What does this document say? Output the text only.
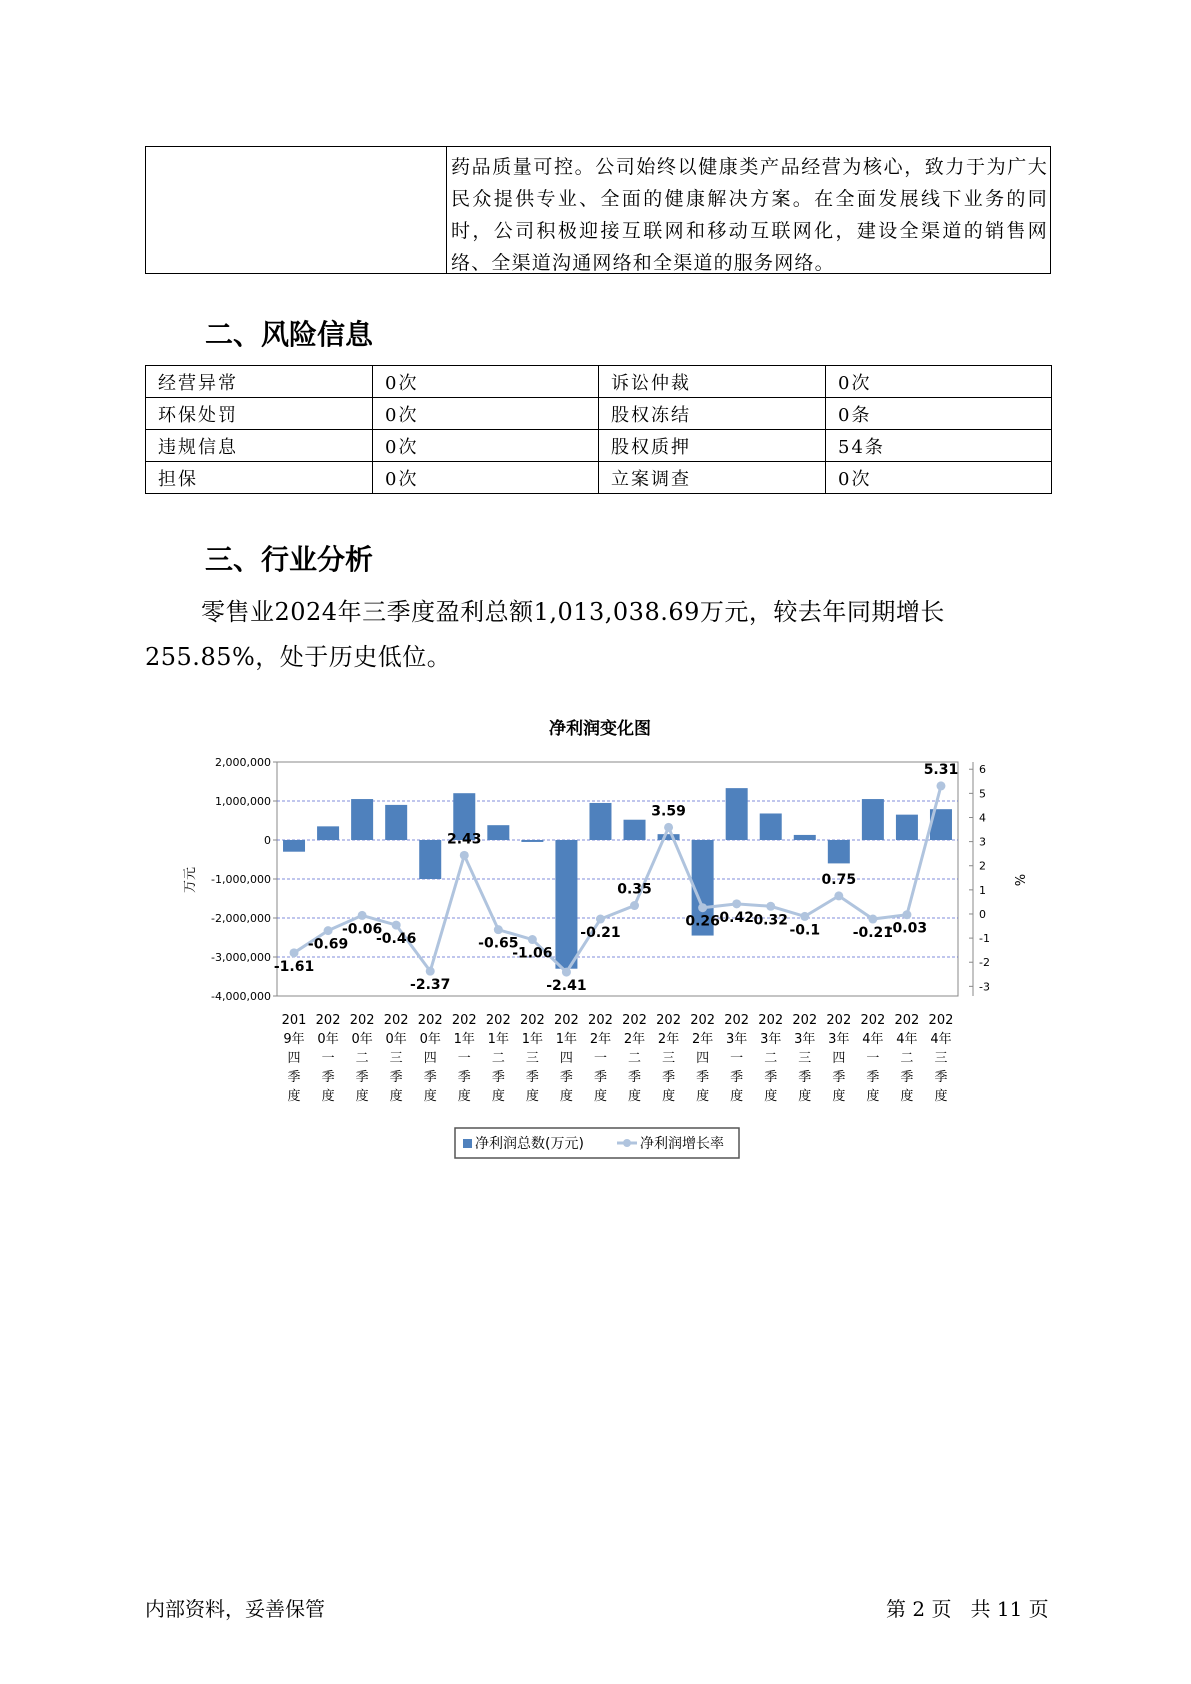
药品质量可控。公司始终以健康类产品经营为核心，致力于为广大民众提供专业、全面的健康解决方案。在全面发展线下业务的同时，公司积极迎接互联网和移动互联网化，建设全渠道的销售网络、全渠道沟通网络和全渠道的服务网络。
二、风险信息
经营异常	0次	诉讼仲裁	0次
环保处罚	0次	股权冻结	0条
违规信息	0次	股权质押	54条
担保	0次	立案调查	0次
三、行业分析

零售业2024年三季度盈利总额1,013,038.69万元，较去年同期增长255.85%，处于历史低位。

净利润变化图
-1.61
-0.69
-0.06
-0.46
-2.37
2.43
-0.65
-1.06
-2.41
-0.21
0.35
3.59
0.26 0.42 0.32
-0.1
0.75
-0.21
-0.03
5.31
2,000,000
1,000,000
0
-1,000,000
-2,000,000
-3,000,000
-4,000,000
6
5
4
3
2
1
0
-1
-2
-3
201
9年
四
季
度
202
0年
一
季
度
202
0年
二
季
度
202
0年
三
季
度
202
0年
四
季
度
202
1年
一
季
度
202
1年
二
季
度
202
1年
三
季
度
202
1年
四
季
度
202
2年
一
季
度
202
2年
二
季
度
202
2年
三
季
度
202
2年
四
季
度
202
3年
一
季
度
202
3年
二
季
度
202
3年
三
季
度
202
3年
四
季
度
202
4年
一
季
度
202
4年
二
季
度
202
4年
三
季
度
万元	%
净利润总数(万元)	净利润增长率
内部资料，妥善保管	第 2 页   共 11 页
